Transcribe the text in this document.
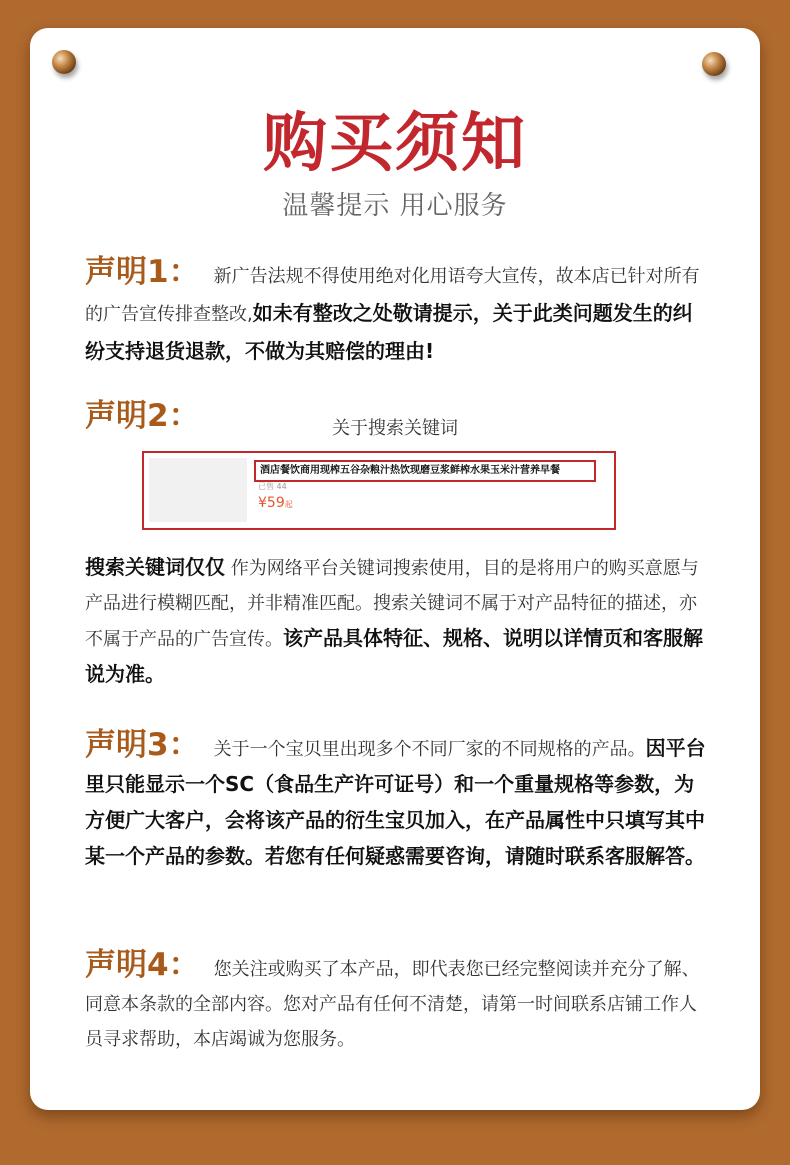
购买须知
温馨提示 用心服务
声明1： 新广告法规不得使用绝对化用语夸大宣传，故本店已针对所有的广告宣传排查整改,如未有整改之处敬请提示，关于此类问题发生的纠纷支持退货退款，不做为其赔偿的理由!
声明2：	关于搜索关键词
酒店餐饮商用现榨五谷杂粮汁热饮现磨豆浆鲜榨水果玉米汁营养早餐
已售 44
¥59起
搜索关键词仅仅 作为网络平台关键词搜索使用，目的是将用户的购买意愿与产品进行模糊匹配，并非精准匹配。搜索关键词不属于对产品特征的描述，亦不属于产品的广告宣传。该产品具体特征、规格、说明以详情页和客服解说为准。
声明3： 关于一个宝贝里出现多个不同厂家的不同规格的产品。因平台里只能显示一个SC（食品生产许可证号）和一个重量规格等参数，为方便广大客户，会将该产品的衍生宝贝加入，在产品属性中只填写其中某一个产品的参数。若您有任何疑惑需要咨询，请随时联系客服解答。
声明4： 您关注或购买了本产品，即代表您已经完整阅读并充分了解、同意本条款的全部内容。您对产品有任何不清楚，请第一时间联系店铺工作人员寻求帮助，本店竭诚为您服务。
